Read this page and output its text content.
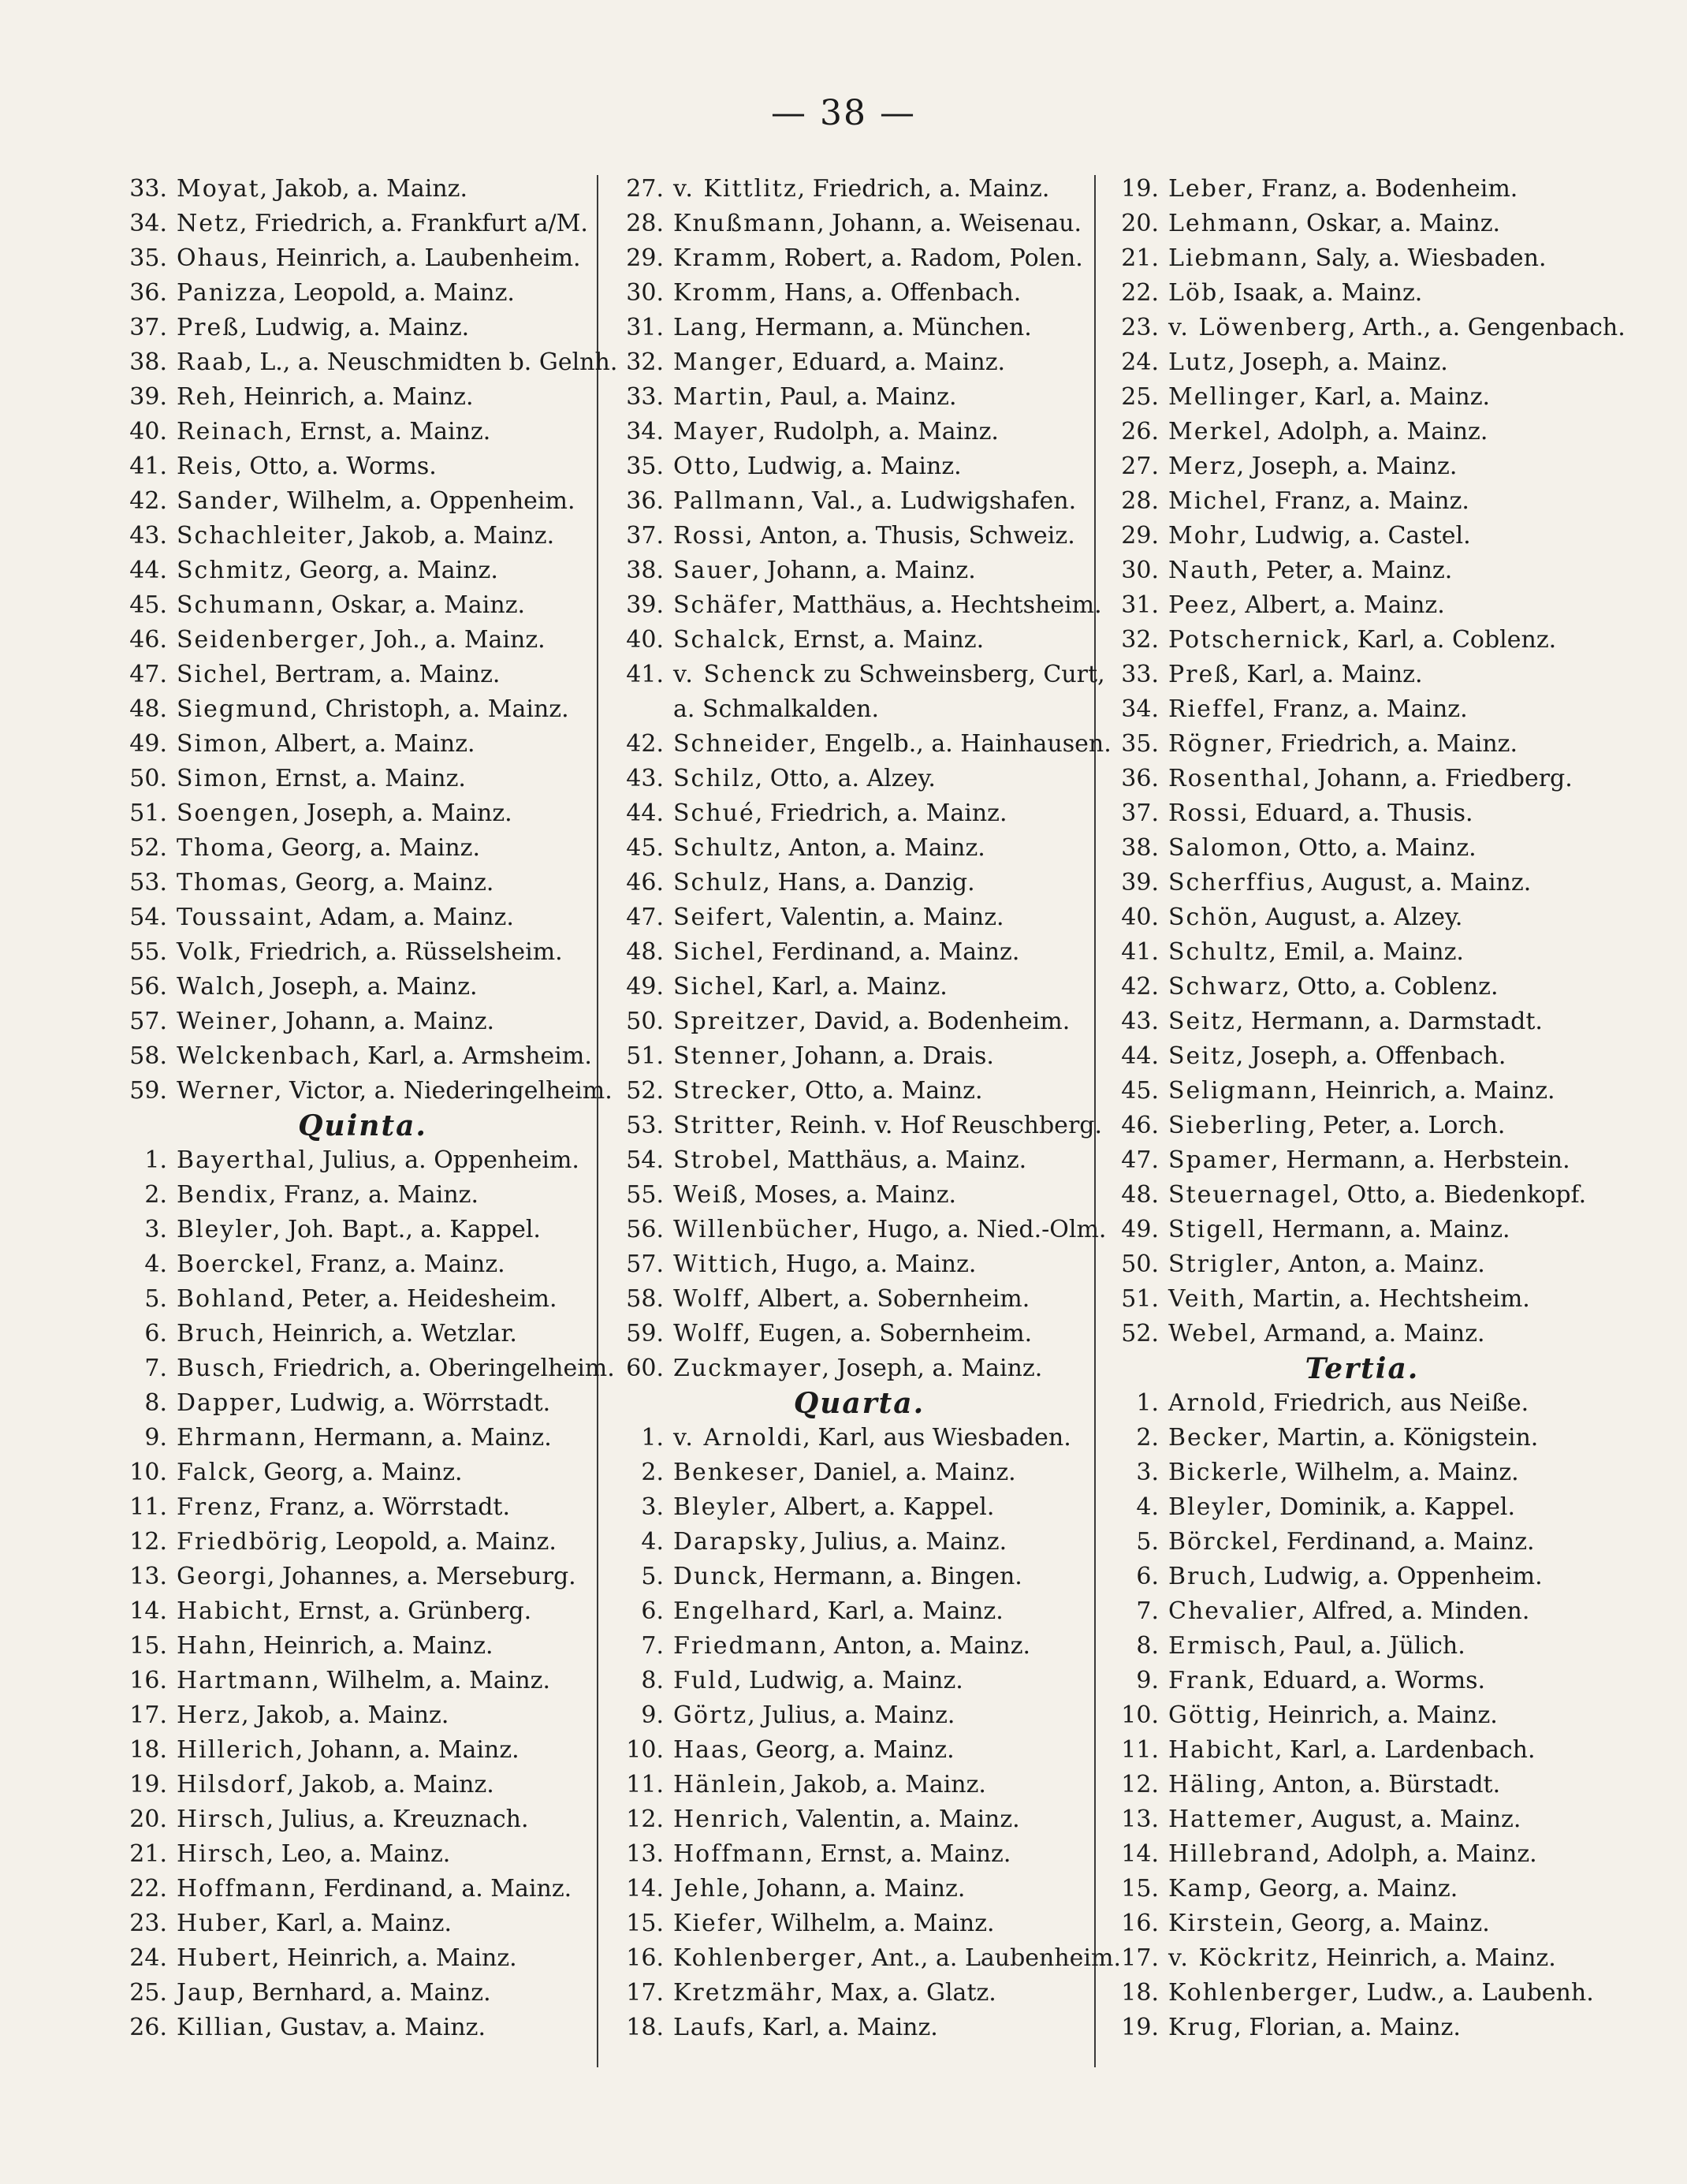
— 38 —
33. Moyat, Jakob, a. Mainz.
34. Netz, Friedrich, a. Frankfurt a/M.
35. Ohaus, Heinrich, a. Laubenheim.
36. Panizza, Leopold, a. Mainz.
37. Preß, Ludwig, a. Mainz.
38. Raab, L., a. Neuschmidten b. Gelnh.
39. Reh, Heinrich, a. Mainz.
40. Reinach, Ernst, a. Mainz.
41. Reis, Otto, a. Worms.
42. Sander, Wilhelm, a. Oppenheim.
43. Schachleiter, Jakob, a. Mainz.
44. Schmitz, Georg, a. Mainz.
45. Schumann, Oskar, a. Mainz.
46. Seidenberger, Joh., a. Mainz.
47. Sichel, Bertram, a. Mainz.
48. Siegmund, Christoph, a. Mainz.
49. Simon, Albert, a. Mainz.
50. Simon, Ernst, a. Mainz.
51. Soengen, Joseph, a. Mainz.
52. Thoma, Georg, a. Mainz.
53. Thomas, Georg, a. Mainz.
54. Toussaint, Adam, a. Mainz.
55. Volk, Friedrich, a. Rüsselsheim.
56. Walch, Joseph, a. Mainz.
57. Weiner, Johann, a. Mainz.
58. Welckenbach, Karl, a. Armsheim.
59. Werner, Victor, a. Niederingelheim.
Quinta.
1. Bayerthal, Julius, a. Oppenheim.
2. Bendix, Franz, a. Mainz.
3. Bleyler, Joh. Bapt., a. Kappel.
4. Boerckel, Franz, a. Mainz.
5. Bohland, Peter, a. Heidesheim.
6. Bruch, Heinrich, a. Wetzlar.
7. Busch, Friedrich, a. Oberingelheim.
8. Dapper, Ludwig, a. Wörrstadt.
9. Ehrmann, Hermann, a. Mainz.
10. Falck, Georg, a. Mainz.
11. Frenz, Franz, a. Wörrstadt.
12. Friedbörig, Leopold, a. Mainz.
13. Georgi, Johannes, a. Merseburg.
14. Habicht, Ernst, a. Grünberg.
15. Hahn, Heinrich, a. Mainz.
16. Hartmann, Wilhelm, a. Mainz.
17. Herz, Jakob, a. Mainz.
18. Hillerich, Johann, a. Mainz.
19. Hilsdorf, Jakob, a. Mainz.
20. Hirsch, Julius, a. Kreuznach.
21. Hirsch, Leo, a. Mainz.
22. Hoffmann, Ferdinand, a. Mainz.
23. Huber, Karl, a. Mainz.
24. Hubert, Heinrich, a. Mainz.
25. Jaup, Bernhard, a. Mainz.
26. Killian, Gustav, a. Mainz.
27. v. Kittlitz, Friedrich, a. Mainz.
28. Knußmann, Johann, a. Weisenau.
29. Kramm, Robert, a. Radom, Polen.
30. Kromm, Hans, a. Offenbach.
31. Lang, Hermann, a. München.
32. Manger, Eduard, a. Mainz.
33. Martin, Paul, a. Mainz.
34. Mayer, Rudolph, a. Mainz.
35. Otto, Ludwig, a. Mainz.
36. Pallmann, Val., a. Ludwigshafen.
37. Rossi, Anton, a. Thusis, Schweiz.
38. Sauer, Johann, a. Mainz.
39. Schäfer, Matthäus, a. Hechtsheim.
40. Schalck, Ernst, a. Mainz.
41. v. Schenck zu Schweinsberg, Curt,
a. Schmalkalden.
42. Schneider, Engelb., a. Hainhausen.
43. Schilz, Otto, a. Alzey.
44. Schué, Friedrich, a. Mainz.
45. Schultz, Anton, a. Mainz.
46. Schulz, Hans, a. Danzig.
47. Seifert, Valentin, a. Mainz.
48. Sichel, Ferdinand, a. Mainz.
49. Sichel, Karl, a. Mainz.
50. Spreitzer, David, a. Bodenheim.
51. Stenner, Johann, a. Drais.
52. Strecker, Otto, a. Mainz.
53. Stritter, Reinh. v. Hof Reuschberg.
54. Strobel, Matthäus, a. Mainz.
55. Weiß, Moses, a. Mainz.
56. Willenbücher, Hugo, a. Nied.-Olm.
57. Wittich, Hugo, a. Mainz.
58. Wolff, Albert, a. Sobernheim.
59. Wolff, Eugen, a. Sobernheim.
60. Zuckmayer, Joseph, a. Mainz.
Quarta.
1. v. Arnoldi, Karl, aus Wiesbaden.
2. Benkeser, Daniel, a. Mainz.
3. Bleyler, Albert, a. Kappel.
4. Darapsky, Julius, a. Mainz.
5. Dunck, Hermann, a. Bingen.
6. Engelhard, Karl, a. Mainz.
7. Friedmann, Anton, a. Mainz.
8. Fuld, Ludwig, a. Mainz.
9. Görtz, Julius, a. Mainz.
10. Haas, Georg, a. Mainz.
11. Hänlein, Jakob, a. Mainz.
12. Henrich, Valentin, a. Mainz.
13. Hoffmann, Ernst, a. Mainz.
14. Jehle, Johann, a. Mainz.
15. Kiefer, Wilhelm, a. Mainz.
16. Kohlenberger, Ant., a. Laubenheim.
17. Kretzmähr, Max, a. Glatz.
18. Laufs, Karl, a. Mainz.
19. Leber, Franz, a. Bodenheim.
20. Lehmann, Oskar, a. Mainz.
21. Liebmann, Saly, a. Wiesbaden.
22. Löb, Isaak, a. Mainz.
23. v. Löwenberg, Arth., a. Gengenbach.
24. Lutz, Joseph, a. Mainz.
25. Mellinger, Karl, a. Mainz.
26. Merkel, Adolph, a. Mainz.
27. Merz, Joseph, a. Mainz.
28. Michel, Franz, a. Mainz.
29. Mohr, Ludwig, a. Castel.
30. Nauth, Peter, a. Mainz.
31. Peez, Albert, a. Mainz.
32. Potschernick, Karl, a. Coblenz.
33. Preß, Karl, a. Mainz.
34. Rieffel, Franz, a. Mainz.
35. Rögner, Friedrich, a. Mainz.
36. Rosenthal, Johann, a. Friedberg.
37. Rossi, Eduard, a. Thusis.
38. Salomon, Otto, a. Mainz.
39. Scherffius, August, a. Mainz.
40. Schön, August, a. Alzey.
41. Schultz, Emil, a. Mainz.
42. Schwarz, Otto, a. Coblenz.
43. Seitz, Hermann, a. Darmstadt.
44. Seitz, Joseph, a. Offenbach.
45. Seligmann, Heinrich, a. Mainz.
46. Sieberling, Peter, a. Lorch.
47. Spamer, Hermann, a. Herbstein.
48. Steuernagel, Otto, a. Biedenkopf.
49. Stigell, Hermann, a. Mainz.
50. Strigler, Anton, a. Mainz.
51. Veith, Martin, a. Hechtsheim.
52. Webel, Armand, a. Mainz.
Tertia.
1. Arnold, Friedrich, aus Neiße.
2. Becker, Martin, a. Königstein.
3. Bickerle, Wilhelm, a. Mainz.
4. Bleyler, Dominik, a. Kappel.
5. Börckel, Ferdinand, a. Mainz.
6. Bruch, Ludwig, a. Oppenheim.
7. Chevalier, Alfred, a. Minden.
8. Ermisch, Paul, a. Jülich.
9. Frank, Eduard, a. Worms.
10. Göttig, Heinrich, a. Mainz.
11. Habicht, Karl, a. Lardenbach.
12. Häling, Anton, a. Bürstadt.
13. Hattemer, August, a. Mainz.
14. Hillebrand, Adolph, a. Mainz.
15. Kamp, Georg, a. Mainz.
16. Kirstein, Georg, a. Mainz.
17. v. Köckritz, Heinrich, a. Mainz.
18. Kohlenberger, Ludw., a. Laubenh.
19. Krug, Florian, a. Mainz.
